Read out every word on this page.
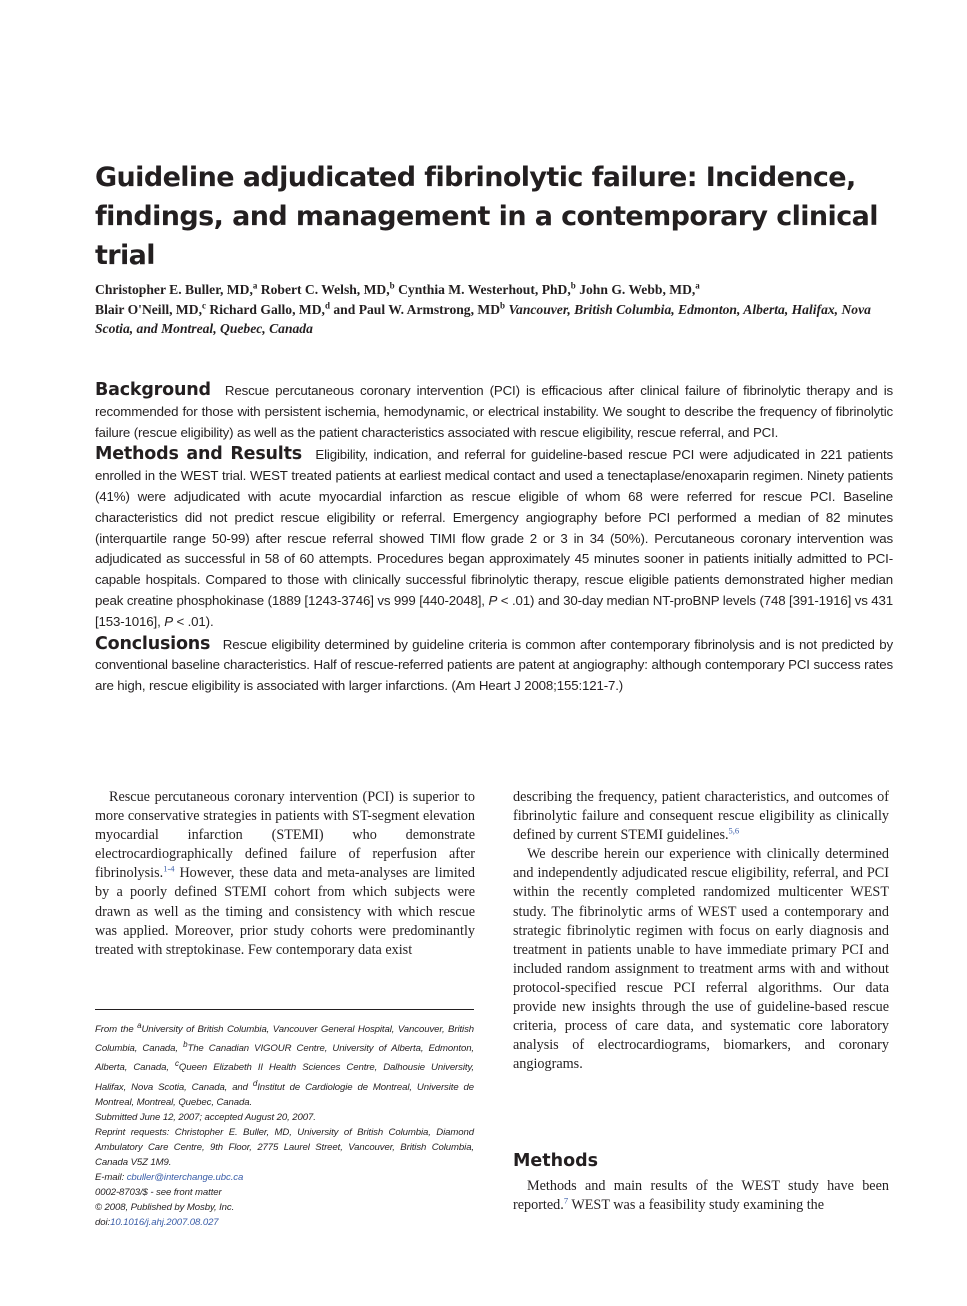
Guideline adjudicated fibrinolytic failure: Incidence, findings, and management in a contemporary clinical trial
Christopher E. Buller, MD,$^a$ Robert C. Welsh, MD,$^b$ Cynthia M. Westerhout, PhD,$^b$ John G. Webb, MD,$^a$
Blair O'Neill, MD,$^c$ Richard Gallo, MD,$^d$ and Paul W. Armstrong, $MD^b$ Vancouver, British Columbia, Edmonton, Alberta, Halifax, Nova Scotia, and Montreal, Quebec, Canada

Background Rescue percutaneous coronary intervention (PCI) is efficacious after clinical failure of fibrinolytic therapy and is recommended for those with persistent ischemia, hemodynamic, or electrical instability. We sought to describe the frequency of fibrinolytic failure (rescue eligibility) as well as the patient characteristics associated with rescue eligibility, rescue referral, and PCI.

Methods and Results Eligibility, indication, and referral for guideline-based rescue PCI were adjudicated in 221 patients enrolled in the WEST trial. WEST treated patients at earliest medical contact and used a tenectaplase/enoxaparin regimen. Ninety patients (41%) were adjudicated with acute myocardial infarction as rescue eligible of whom 68 were referred for rescue PCI. Baseline characteristics did not predict rescue eligibility or referral. Emergency angiography before PCI performed a median of 82 minutes (interquartile range 50-99) after rescue referral showed TIMI flow grade 2 or 3 in 34 (50%). Percutaneous coronary intervention was adjudicated as successful in 58 of 60 attempts. Procedures began approximately 45 minutes sooner in patients initially admitted to PCI-capable hospitals. Compared to those with clinically successful fibrinolytic therapy, rescue eligible patients demonstrated higher median peak creatine phosphokinase (1889 [1243-3746] vs 999 [440-2048], P < .01) and 30-day median NT-proBNP levels (748 [391-1916] vs 431 [153-1016], P < .01).

Conclusions Rescue eligibility determined by guideline criteria is common after contemporary fibrinolysis and is not predicted by conventional baseline characteristics. Half of rescue-referred patients are patent at angiography: although contemporary PCI success rates are high, rescue eligibility is associated with larger infarctions. (Am Heart J 2008;155:121-7.)

Rescue percutaneous coronary intervention (PCI) is superior to more conservative strategies in patients with ST-segment elevation myocardial infarction (STEMI) who demonstrate electrocardiographically defined failure of reperfusion after fibrinolysis.$^{1-4}$ However, these data and meta-analyses are limited by a poorly defined STEMI cohort from which subjects were drawn as well as the timing and consistency with which rescue was applied. Moreover, prior study cohorts were predominantly treated with streptokinase. Few contemporary data exist

From the $^a$University of British Columbia, Vancouver General Hospital, Vancouver, British Columbia, Canada, $^b$The Canadian VIGOUR Centre, University of Alberta, Edmonton, Alberta, Canada, $^c$Queen Elizabeth II Health Sciences Centre, Dalhousie University, Halifax, Nova Scotia, Canada, and $^d$Institut de Cardiologie de Montreal, Universite de Montreal, Montreal, Quebec, Canada.

Submitted June 12, 2007; accepted August 20, 2007.

Reprint requests: Christopher E. Buller, MD, University of British Columbia, Diamond Ambulatory Care Centre, 9th Floor, 2775 Laurel Street, Vancouver, British Columbia, Canada V5Z 1M9.

E-mail: cbuller@interchange.ubc.ca

0002-8703/$ - see front matter

© 2008, Published by Mosby, Inc.

doi:10.1016/j.ahj.2007.08.027

describing the frequency, patient characteristics, and outcomes of fibrinolytic failure and consequent rescue eligibility as clinically defined by current STEMI guidelines.$^{5,6}$

We describe herein our experience with clinically determined and independently adjudicated rescue eligibility, referral, and PCI within the recently completed randomized multicenter WEST study. The fibrinolytic arms of WEST used a contemporary and strategic fibrinolytic regimen with focus on early diagnosis and treatment in patients unable to have immediate primary PCI and included random assignment to treatment arms with and without protocol-specified rescue PCI referral algorithms. Our data provide new insights through the use of guideline-based rescue criteria, process of care data, and systematic core laboratory analysis of electrocardiograms, biomarkers, and coronary angiograms.

Methods

Methods and main results of the WEST study have been reported.$^7$ WEST was a feasibility study examining the
